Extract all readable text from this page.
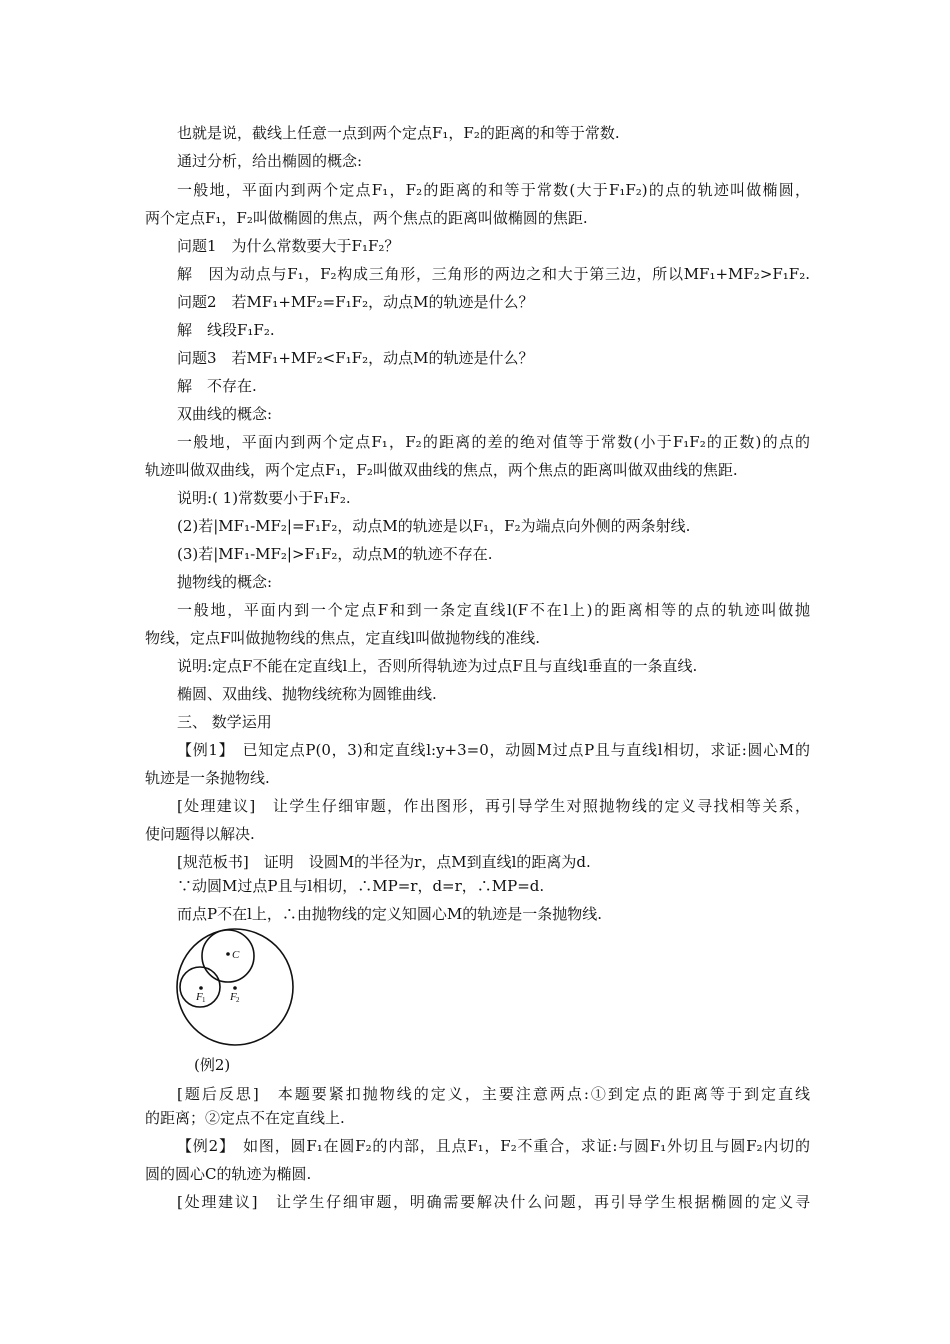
也就是说，截线上任意一点到两个定点F₁，F₂的距离的和等于常数.
通过分析，给出椭圆的概念:
一般地，平面内到两个定点F₁，F₂的距离的和等于常数(大于F₁F₂)的点的轨迹叫做椭圆，
两个定点F₁，F₂叫做椭圆的焦点，两个焦点的距离叫做椭圆的焦距.
问题1　为什么常数要大于F₁F₂？
解　因为动点与F₁，F₂构成三角形，三角形的两边之和大于第三边，所以MF₁+MF₂>F₁F₂.
问题2　若MF₁+MF₂=F₁F₂，动点M的轨迹是什么？
解　线段F₁F₂.
问题3　若MF₁+MF₂<F₁F₂，动点M的轨迹是什么？
解　不存在.
双曲线的概念:
一般地，平面内到两个定点F₁，F₂的距离的差的绝对值等于常数(小于F₁F₂的正数)的点的
轨迹叫做双曲线，两个定点F₁，F₂叫做双曲线的焦点，两个焦点的距离叫做双曲线的焦距.
说明:( 1)常数要小于F₁F₂.
(2)若|MF₁-MF₂|=F₁F₂，动点M的轨迹是以F₁，F₂为端点向外侧的两条射线.
(3)若|MF₁-MF₂|>F₁F₂，动点M的轨迹不存在.
抛物线的概念:
一般地，平面内到一个定点F和到一条定直线l(F不在l上)的距离相等的点的轨迹叫做抛
物线，定点F叫做抛物线的焦点，定直线l叫做抛物线的准线.
说明:定点F不能在定直线l上，否则所得轨迹为过点F且与直线l垂直的一条直线.
椭圆、双曲线、抛物线统称为圆锥曲线.
三、 数学运用
【例1】　已知定点P(0，3)和定直线l:y+3=0，动圆M过点P且与直线l相切，求证:圆心M的
轨迹是一条抛物线.
[处理建议]　让学生仔细审题，作出图形，再引导学生对照抛物线的定义寻找相等关系，
使问题得以解决.
[规范板书]　证明　设圆M的半径为r，点M到直线l的距离为d.
∵动圆M过点P且与l相切，∴MP=r，d=r，∴MP=d.
而点P不在l上，∴由抛物线的定义知圆心M的轨迹是一条抛物线.
C
F 1 F 2
(例2)
[题后反思]　本题要紧扣抛物线的定义，主要注意两点:①到定点的距离等于到定直线
的距离；②定点不在定直线上.
【例2】　如图，圆F₁在圆F₂的内部，且点F₁，F₂不重合，求证:与圆F₁外切且与圆F₂内切的
圆的圆心C的轨迹为椭圆.
[处理建议]　让学生仔细审题，明确需要解决什么问题，再引导学生根据椭圆的定义寻
